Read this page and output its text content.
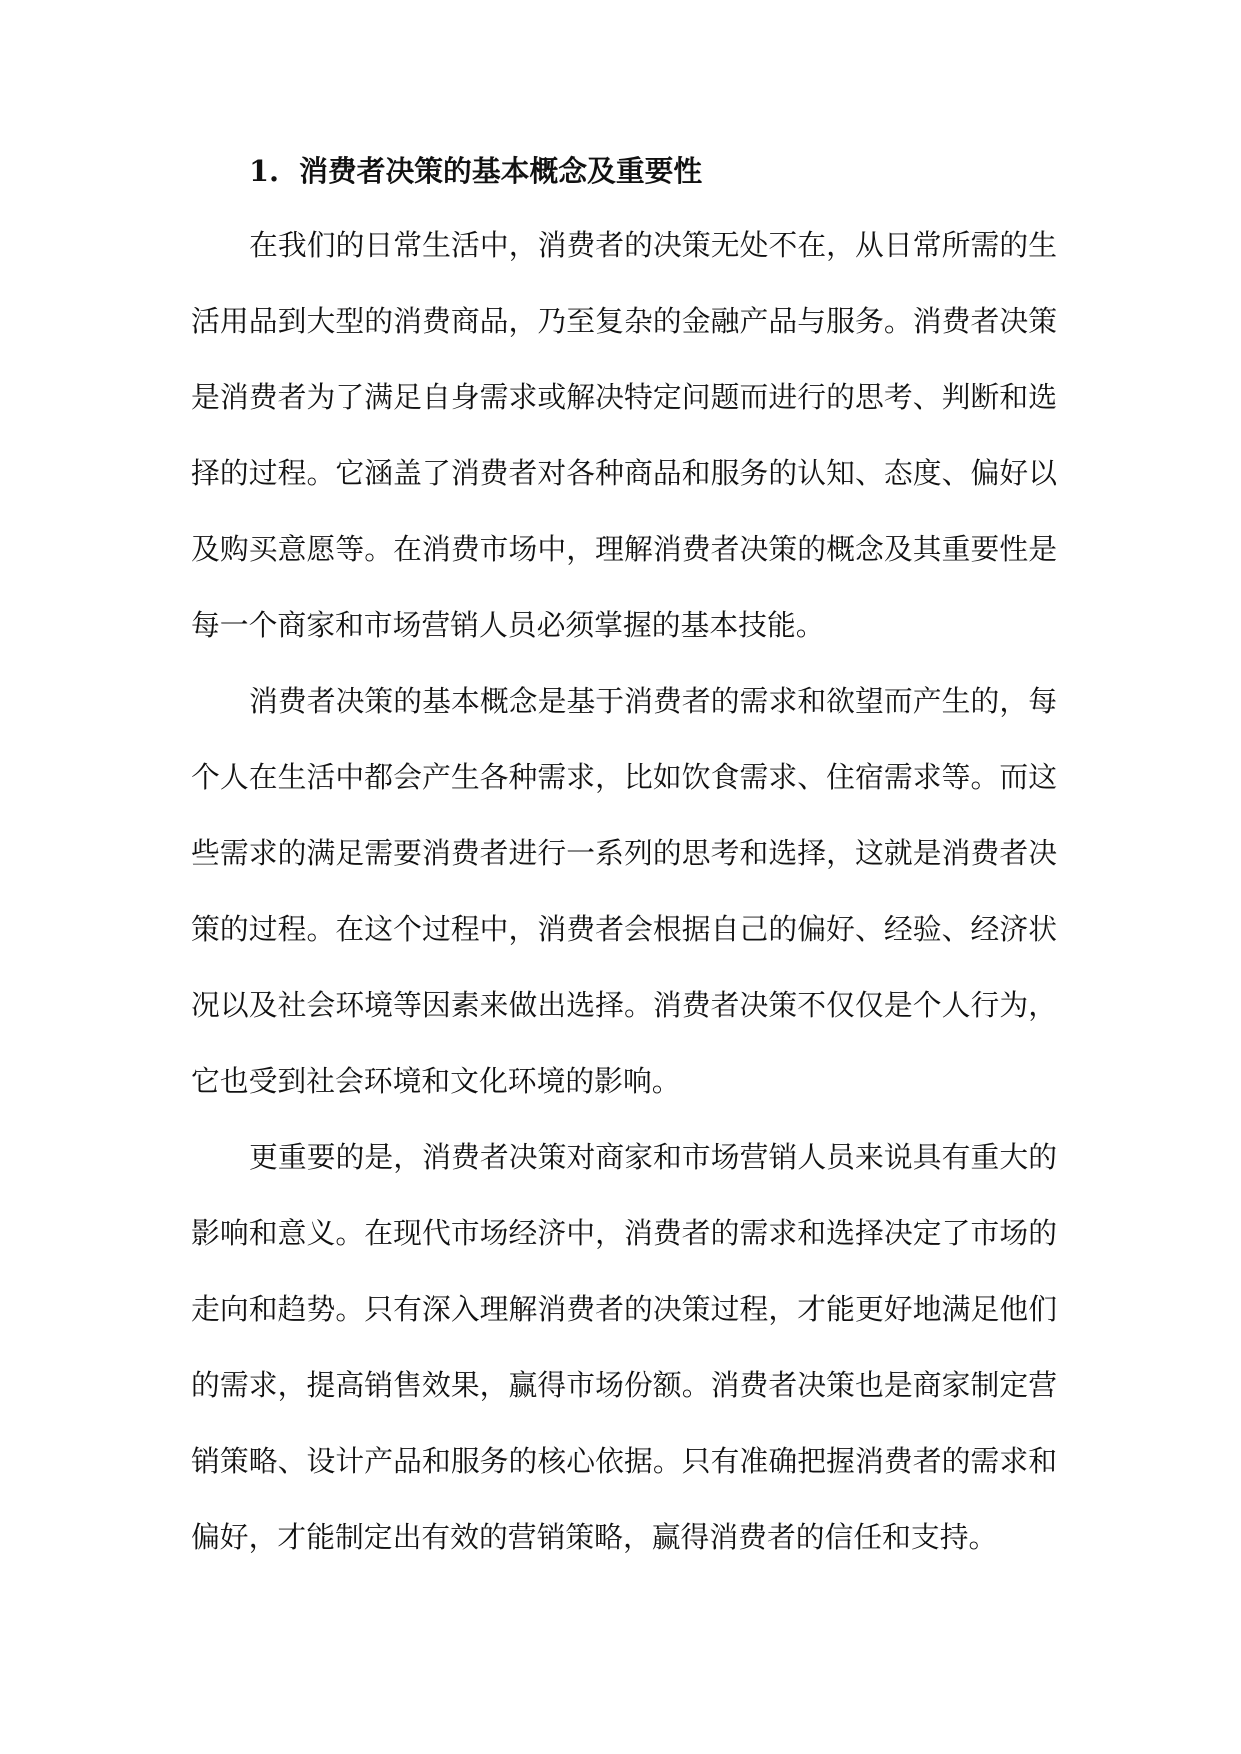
1. 消费者决策的基本概念及重要性
在我们的日常生活中，消费者的决策无处不在，从日常所需的生
活用品到大型的消费商品，乃至复杂的金融产品与服务。消费者决策
是消费者为了满足自身需求或解决特定问题而进行的思考、判断和选
择的过程。它涵盖了消费者对各种商品和服务的认知、态度、偏好以
及购买意愿等。在消费市场中，理解消费者决策的概念及其重要性是
每一个商家和市场营销人员必须掌握的基本技能。
消费者决策的基本概念是基于消费者的需求和欲望而产生的，每
个人在生活中都会产生各种需求，比如饮食需求、住宿需求等。而这
些需求的满足需要消费者进行一系列的思考和选择，这就是消费者决
策的过程。在这个过程中，消费者会根据自己的偏好、经验、经济状
况以及社会环境等因素来做出选择。消费者决策不仅仅是个人行为，
它也受到社会环境和文化环境的影响。
更重要的是，消费者决策对商家和市场营销人员来说具有重大的
影响和意义。在现代市场经济中，消费者的需求和选择决定了市场的
走向和趋势。只有深入理解消费者的决策过程，才能更好地满足他们
的需求，提高销售效果，赢得市场份额。消费者决策也是商家制定营
销策略、设计产品和服务的核心依据。只有准确把握消费者的需求和
偏好，才能制定出有效的营销策略，赢得消费者的信任和支持。
